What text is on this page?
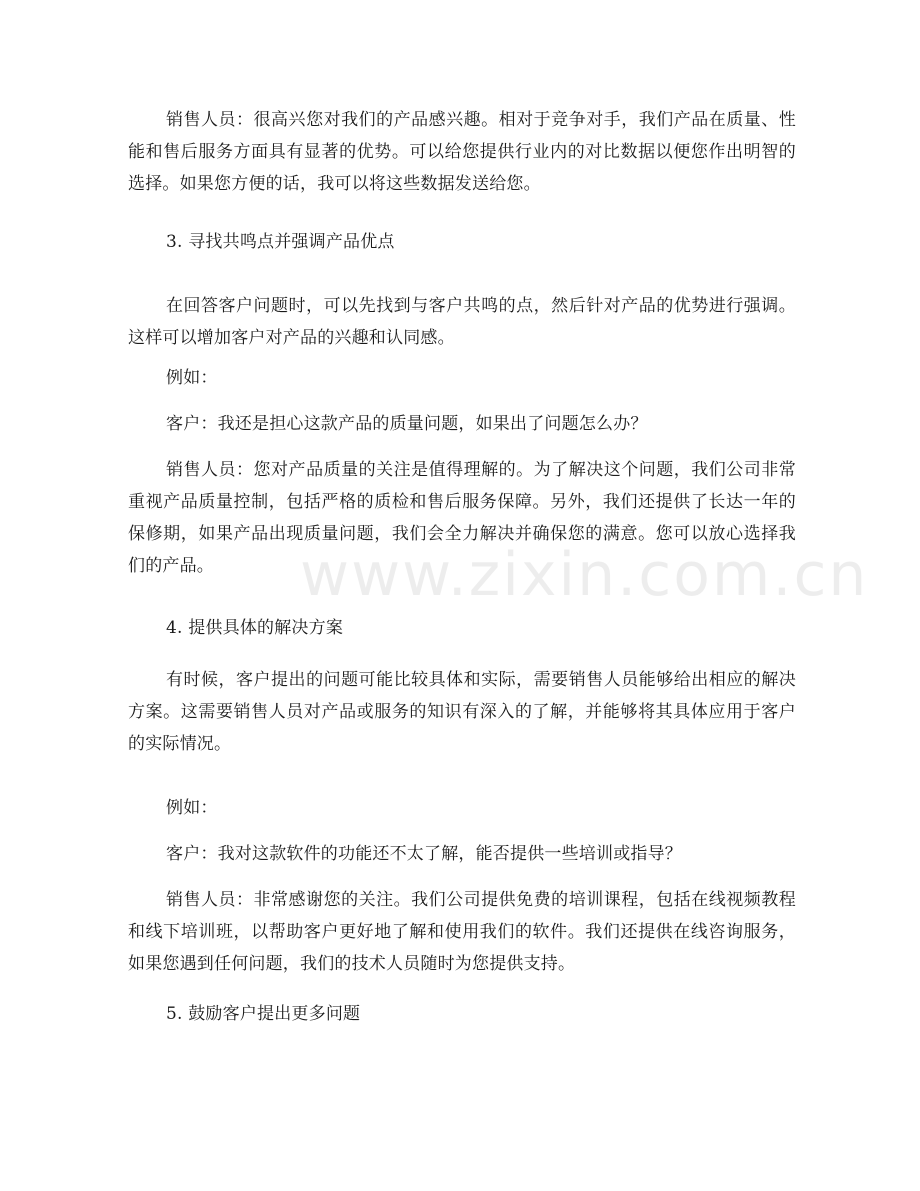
销售人员：很高兴您对我们的产品感兴趣。相对于竞争对手，我们产品在质量、性能和售后服务方面具有显著的优势。可以给您提供行业内的对比数据以便您作出明智的选择。如果您方便的话，我可以将这些数据发送给您。

3. 寻找共鸣点并强调产品优点

在回答客户问题时，可以先找到与客户共鸣的点，然后针对产品的优势进行强调。这样可以增加客户对产品的兴趣和认同感。

例如：

客户：我还是担心这款产品的质量问题，如果出了问题怎么办？

销售人员：您对产品质量的关注是值得理解的。为了解决这个问题，我们公司非常重视产品质量控制，包括严格的质检和售后服务保障。另外，我们还提供了长达一年的保修期，如果产品出现质量问题，我们会全力解决并确保您的满意。您可以放心选择我们的产品。

4. 提供具体的解决方案

有时候，客户提出的问题可能比较具体和实际，需要销售人员能够给出相应的解决方案。这需要销售人员对产品或服务的知识有深入的了解，并能够将其具体应用于客户的实际情况。

例如：

客户：我对这款软件的功能还不太了解，能否提供一些培训或指导？

销售人员：非常感谢您的关注。我们公司提供免费的培训课程，包括在线视频教程和线下培训班，以帮助客户更好地了解和使用我们的软件。我们还提供在线咨询服务，如果您遇到任何问题，我们的技术人员随时为您提供支持。

5. 鼓励客户提出更多问题

www.zixin.com.cn
